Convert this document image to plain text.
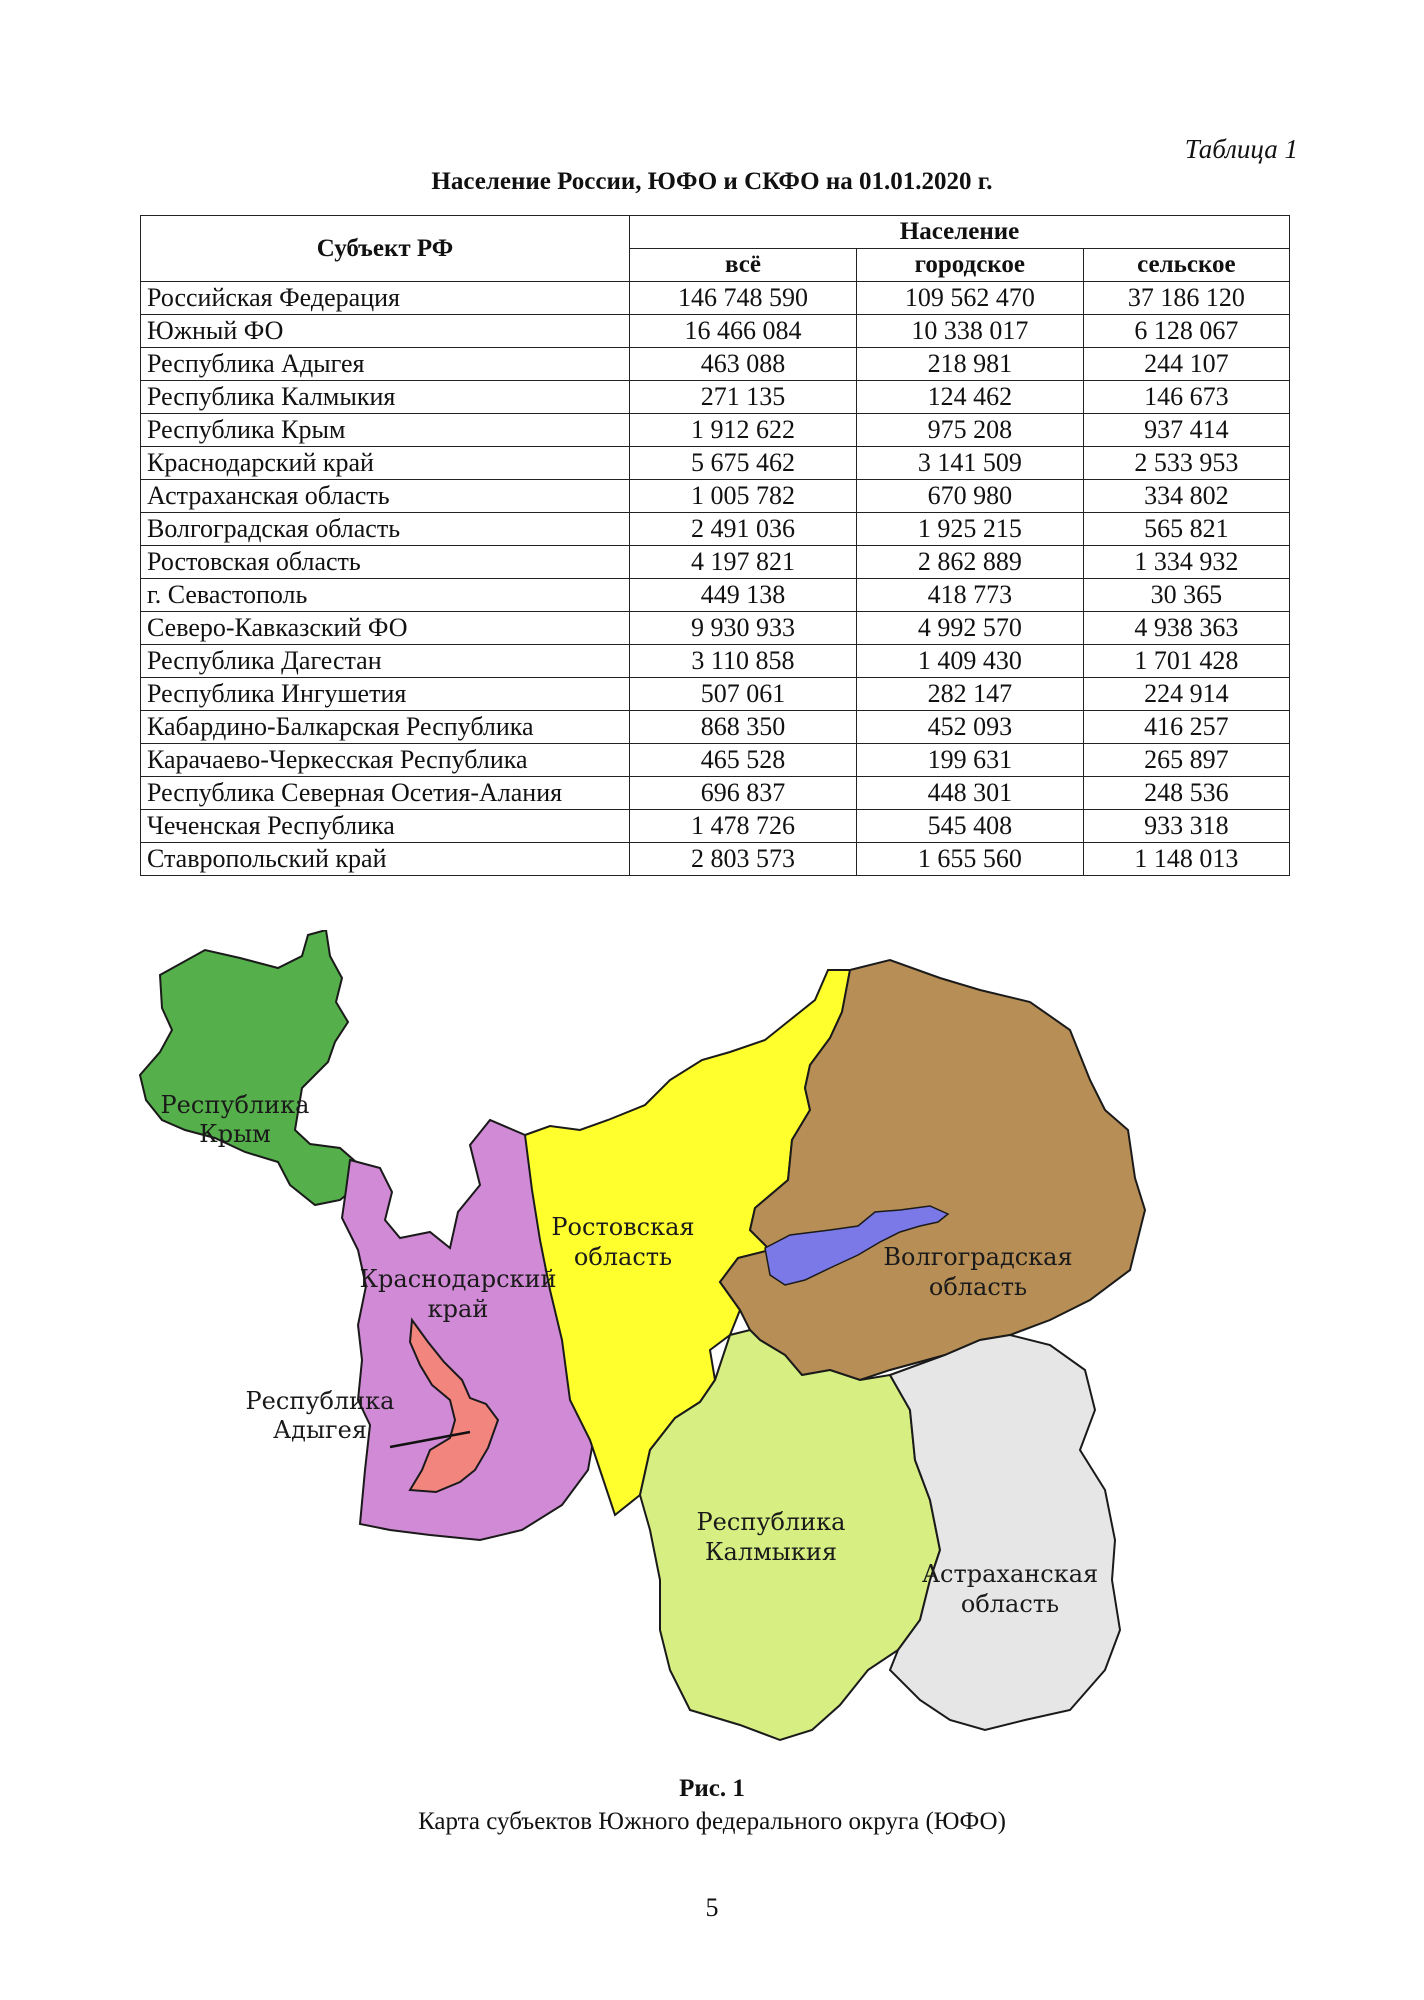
Таблица 1
Население России, ЮФО и СКФО на 01.01.2020 г.
Субъект РФ	Население		
	всё	городское	сельское
Российская Федерация	146 748 590	109 562 470	37 186 120
Южный ФО	16 466 084	10 338 017	6 128 067
Республика Адыгея	463 088	218 981	244 107
Республика Калмыкия	271 135	124 462	146 673
Республика Крым	1 912 622	975 208	937 414
Краснодарский край	5 675 462	3 141 509	2 533 953
Астраханская область	1 005 782	670 980	334 802
Волгоградская область	2 491 036	1 925 215	565 821
Ростовская область	4 197 821	2 862 889	1 334 932
г. Севастополь	449 138	418 773	30 365
Северо-Кавказский ФО	9 930 933	4 992 570	4 938 363
Республика Дагестан	3 110 858	1 409 430	1 701 428
Республика Ингушетия	507 061	282 147	224 914
Кабардино-Балкарская Республика	868 350	452 093	416 257
Карачаево-Черкесская Республика	465 528	199 631	265 897
Республика Северная Осетия-Алания	696 837	448 301	248 536
Чеченская Республика	1 478 726	545 408	933 318
Ставропольский край	2 803 573	1 655 560	1 148 013
Республика
Крым
Краснодарский
край
Республика
Адыгея
Ростовская
область	Волгоградская
область
Республика
Калмыкия
Астраханская
область
Рис. 1
Карта субъектов Южного федерального округа (ЮФО)
5
